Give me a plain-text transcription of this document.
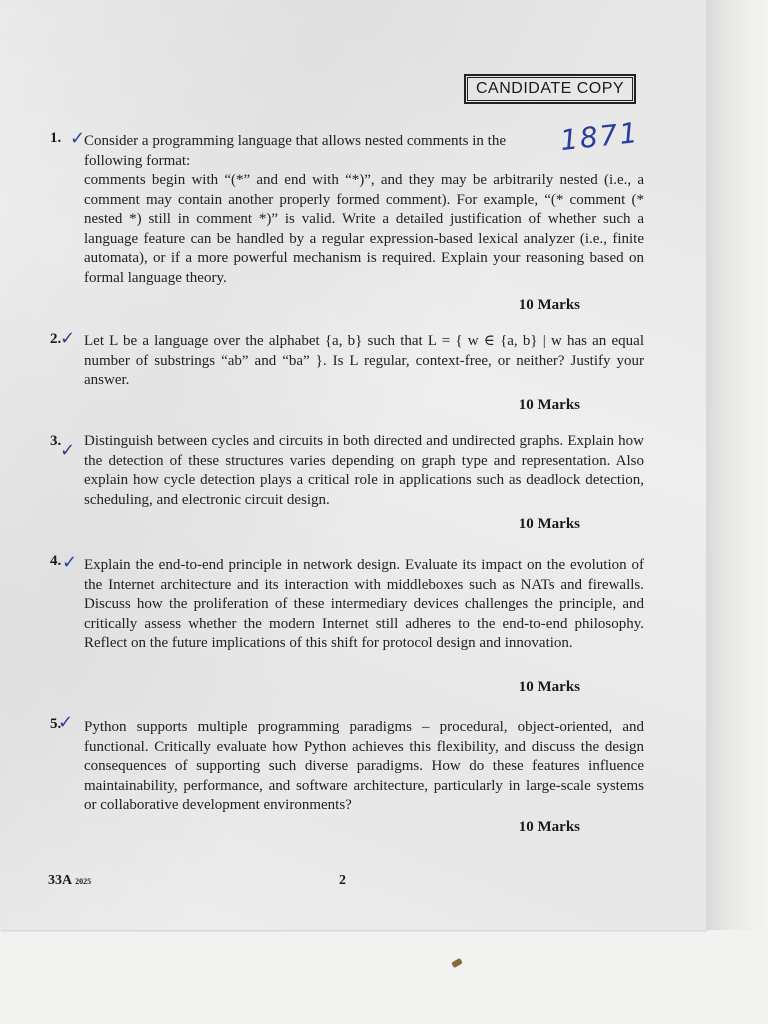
CANDIDATE COPY
1871
1. Consider a programming language that allows nested comments in the
following format:
comments begin with “(*” and end with “*)”, and they may be arbitrarily nested (i.e., a comment may contain another properly formed comment). For example, “(* comment (* nested *) still in comment *)” is valid. Write a detailed justification of whether such a language feature can be handled by a regular expression-based lexical analyzer (i.e., finite automata), or if a more powerful mechanism is required. Explain your reasoning based on formal language theory.
10 Marks
2. Let L be a language over the alphabet {a, b} such that L = { w ∈ {a, b} | w has an equal number of substrings “ab” and “ba” }. Is L regular, context-free, or neither? Justify your answer.
10 Marks
3. Distinguish between cycles and circuits in both directed and undirected graphs. Explain how the detection of these structures varies depending on graph type and representation. Also explain how cycle detection plays a critical role in applications such as deadlock detection, scheduling, and electronic circuit design.
10 Marks
4. Explain the end-to-end principle in network design. Evaluate its impact on the evolution of the Internet architecture and its interaction with middleboxes such as NATs and firewalls. Discuss how the proliferation of these intermediary devices challenges the principle, and critically assess whether the modern Internet still adheres to the end-to-end philosophy. Reflect on the future implications of this shift for protocol design and innovation.
10 Marks
5. Python supports multiple programming paradigms – procedural, object-oriented, and functional. Critically evaluate how Python achieves this flexibility, and discuss the design consequences of supporting such diverse paradigms. How do these features influence maintainability, performance, and software architecture, particularly in large-scale systems or collaborative development environments?
10 Marks
✓
✓
✓
✓
✓
33A 2025	2
